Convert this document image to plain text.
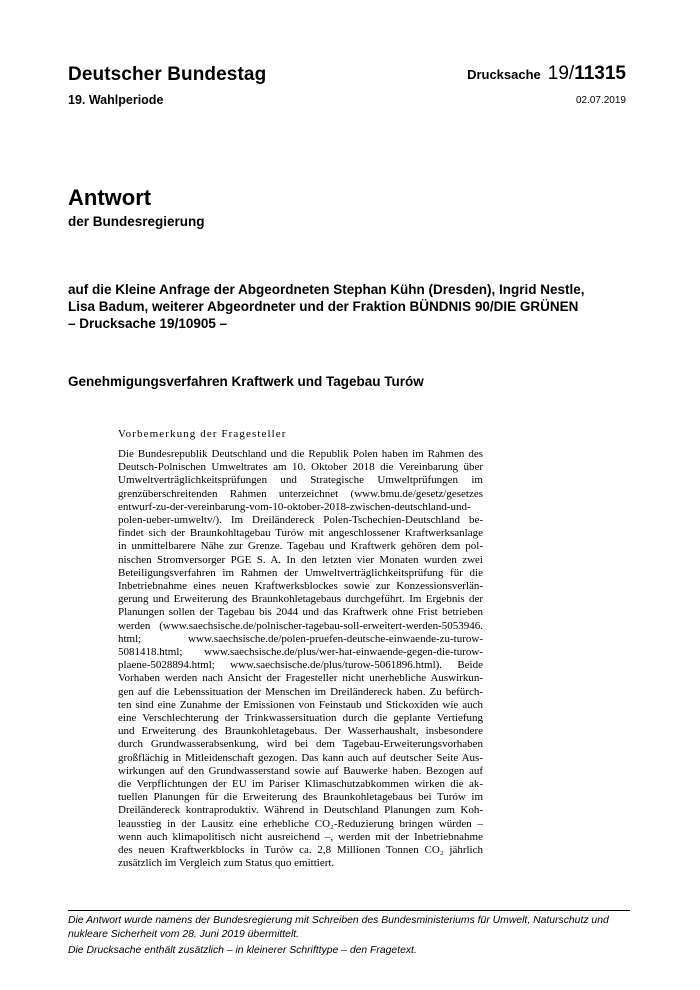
Deutscher Bundestag
19. Wahlperiode
Drucksache 19/11315
02.07.2019
Antwort
der Bundesregierung
auf die Kleine Anfrage der Abgeordneten Stephan Kühn (Dresden), Ingrid Nestle,
Lisa Badum, weiterer Abgeordneter und der Fraktion BÜNDNIS 90/DIE GRÜNEN
– Drucksache 19/10905 –
Genehmigungsverfahren Kraftwerk und Tagebau Turów
Vorbemerkung der Fragesteller
Die Bundesrepublik Deutschland und die Republik Polen haben im Rahmen des
Deutsch-Polnischen Umweltrates am 10. Oktober 2018 die Vereinbarung über
Umweltverträglichkeitsprüfungen und Strategische Umweltprüfungen im
grenzüberschreitenden Rahmen unterzeichnet (www.bmu.de/gesetz/gesetzes
entwurf-zu-der-vereinbarung-vom-10-oktober-2018-zwischen-deutschland-und-
polen-ueber-umweltv/). Im Dreiländereck Polen-Tschechien-Deutschland be-
findet sich der Braunkohltagebau Turów mit angeschlossener Kraftwerksanlage
in unmittelbarere Nähe zur Grenze. Tagebau und Kraftwerk gehören dem pol-
nischen Stromversorger PGE S. A. In den letzten vier Monaten wurden zwei
Beteiligungsverfahren im Rahmen der Umweltverträglichkeitsprüfung für die
Inbetriebnahme eines neuen Kraftwerksblockes sowie zur Konzessionsverlän-
gerung und Erweiterung des Braunkohletagebaus durchgeführt. Im Ergebnis der
Planungen sollen der Tagebau bis 2044 und das Kraftwerk ohne Frist betrieben
werden (www.saechsische.de/polnischer-tagebau-soll-erweitert-werden-5053946.
html; www.saechsische.de/polen-pruefen-deutsche-einwaende-zu-turow-
5081418.html; www.saechsische.de/plus/wer-hat-einwaende-gegen-die-turow-
plaene-5028894.html; www.saechsische.de/plus/turow-5061896.html). Beide
Vorhaben werden nach Ansicht der Fragesteller nicht unerhebliche Auswirkun-
gen auf die Lebenssituation der Menschen im Dreiländereck haben. Zu befürch-
ten sind eine Zunahme der Emissionen von Feinstaub und Stickoxiden wie auch
eine Verschlechterung der Trinkwassersituation durch die geplante Vertiefung
und Erweiterung des Braunkohletagebaus. Der Wasserhaushalt, insbesondere
durch Grundwasserabsenkung, wird bei dem Tagebau-Erweiterungsvorhaben
großflächig in Mitleidenschaft gezogen. Das kann auch auf deutscher Seite Aus-
wirkungen auf den Grundwasserstand sowie auf Bauwerke haben. Bezogen auf
die Verpflichtungen der EU im Pariser Klimaschutzabkommen wirken die ak-
tuellen Planungen für die Erweiterung des Braunkohletagebaus bei Turów im
Dreiländereck kontraproduktiv. Während in Deutschland Planungen zum Koh-
leausstieg in der Lausitz eine erhebliche CO₂-Reduzierung bringen würden –
wenn auch klimapolitisch nicht ausreichend –, werden mit der Inbetriebnahme
des neuen Kraftwerkblocks in Turów ca. 2,8 Millionen Tonnen CO₂ jährlich
zusätzlich im Vergleich zum Status quo emittiert.
Die Antwort wurde namens der Bundesregierung mit Schreiben des Bundesministeriums für Umwelt, Naturschutz und nukleare Sicherheit vom 28. Juni 2019 übermittelt.
Die Drucksache enthält zusätzlich – in kleinerer Schrifttype – den Fragetext.
